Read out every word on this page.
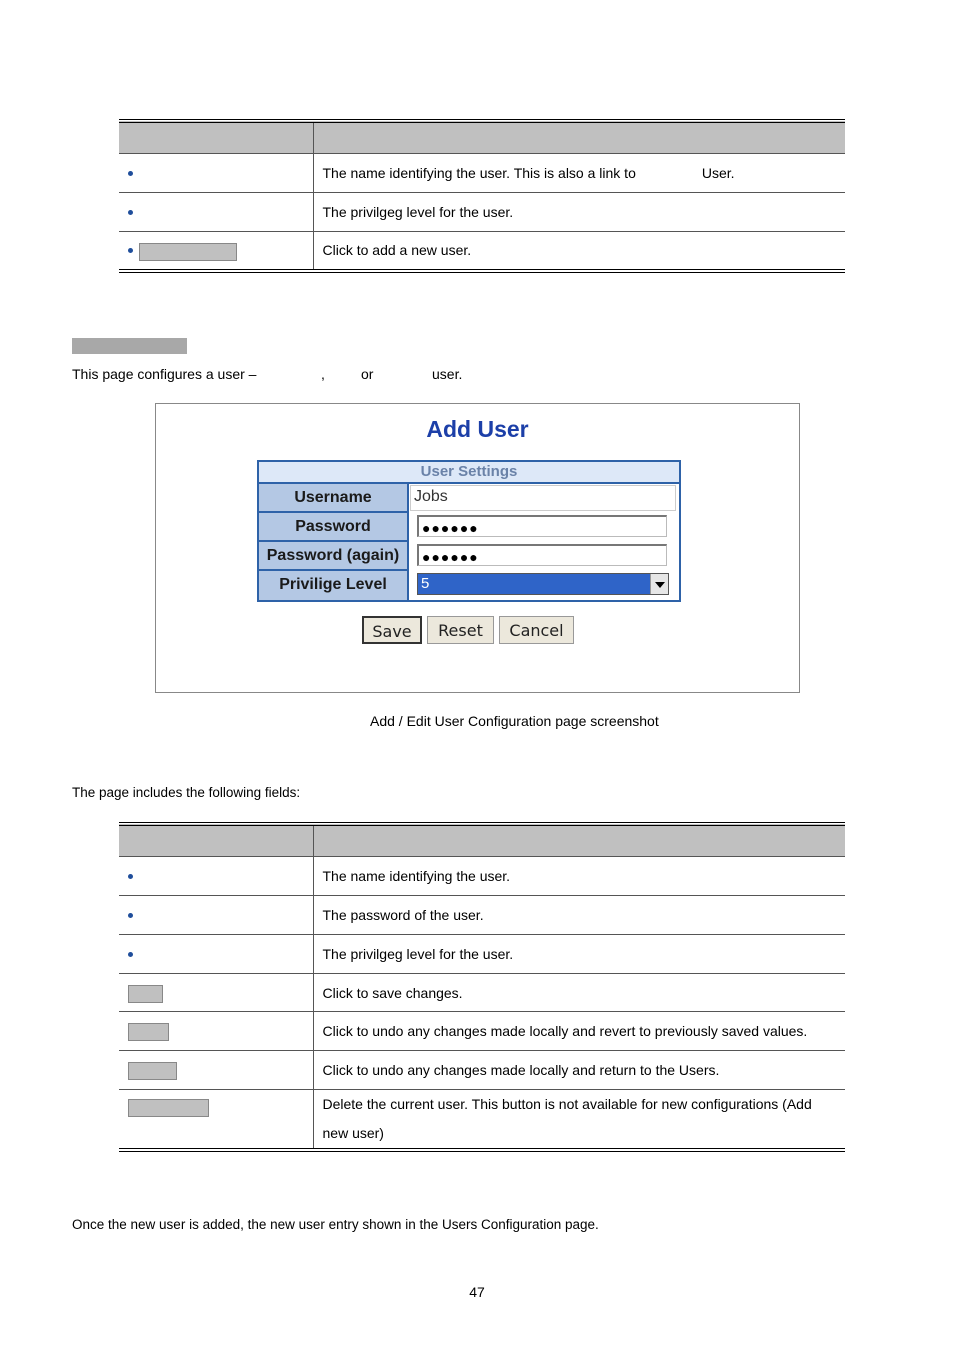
	The name identifying the user. This is also a link to User.
	The privilgeg level for the user.
	Click to add a new user.
This page configures a user –	,	or	user.
Add User
User Settings
Username	Jobs
Password	●●●●●●
Password (again)	●●●●●●
Privilige Level	5
Save	Reset	Cancel
Add / Edit User Configuration page screenshot
The page includes the following fields:

	The name identifying the user.
	The password of the user.
	The privilgeg level for the user.
	Click to save changes.
	Click to undo any changes made locally and revert to previously saved values.
	Click to undo any changes made locally and return to the Users.

	Delete the current user. This button is not available for new configurations (Add
new user)
Once the new user is added, the new user entry shown in the Users Configuration page.
47
